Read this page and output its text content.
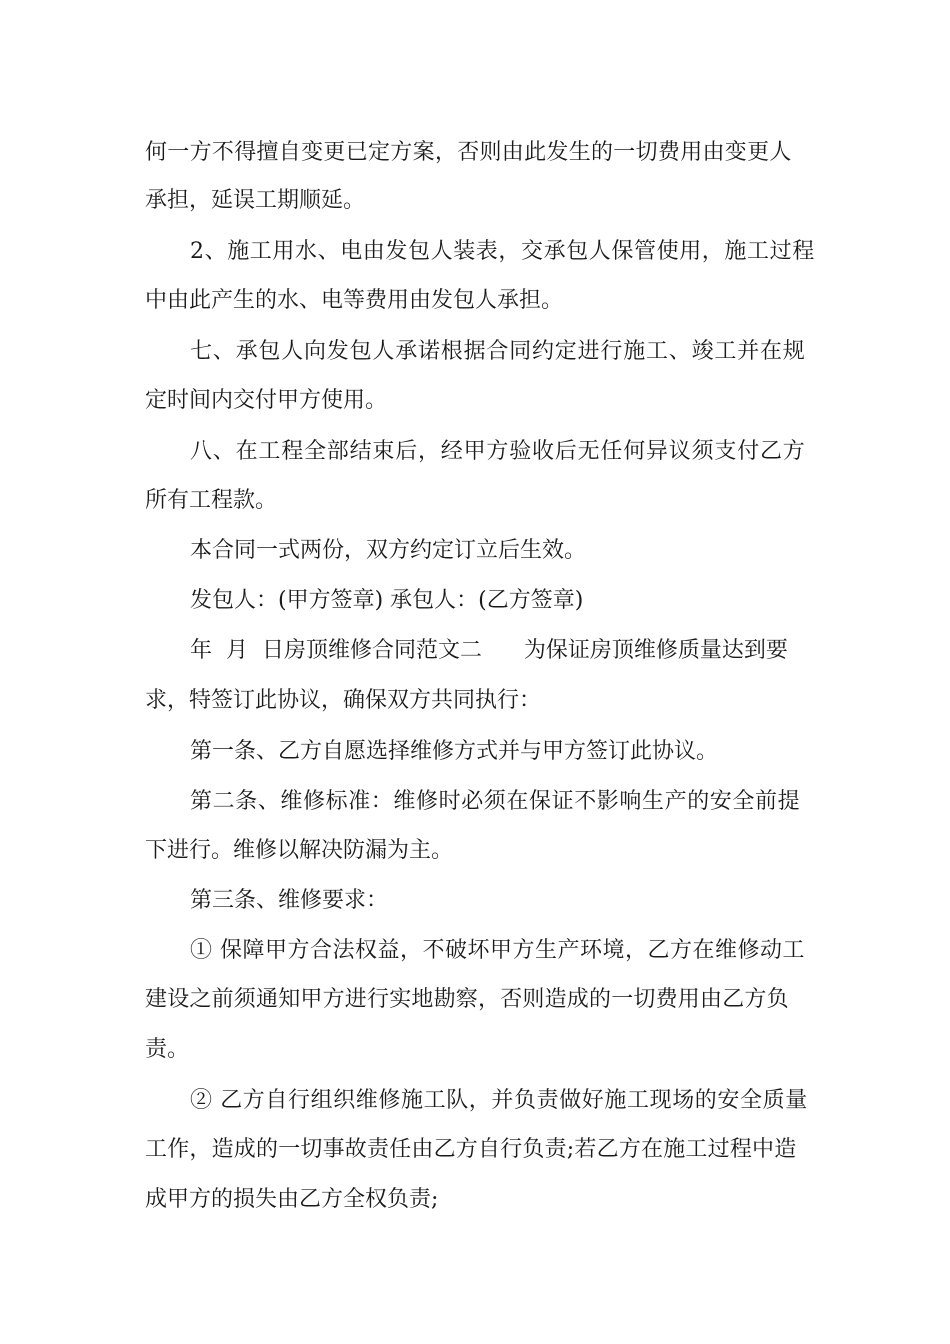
何一方不得擅自变更已定方案，否则由此发生的一切费用由变更人
承担，延误工期顺延。
2、施工用水、电由发包人装表，交承包人保管使用，施工过程
中由此产生的水、电等费用由发包人承担。
七、承包人向发包人承诺根据合同约定进行施工、竣工并在规
定时间内交付甲方使用。
八、在工程全部结束后，经甲方验收后无任何异议须支付乙方
所有工程款。
本合同一式两份，双方约定订立后生效。
发包人：(甲方签章) 承包人：(乙方签章)
年  月  日房顶维修合同范文二      为保证房顶维修质量达到要
求，特签订此协议，确保双方共同执行：
第一条、乙方自愿选择维修方式并与甲方签订此协议。
第二条、维修标准：维修时必须在保证不影响生产的安全前提
下进行。维修以解决防漏为主。
第三条、维修要求：
① 保障甲方合法权益，不破坏甲方生产环境，乙方在维修动工
建设之前须通知甲方进行实地勘察，否则造成的一切费用由乙方负
责。
② 乙方自行组织维修施工队，并负责做好施工现场的安全质量
工作，造成的一切事故责任由乙方自行负责;若乙方在施工过程中造
成甲方的损失由乙方全权负责;
